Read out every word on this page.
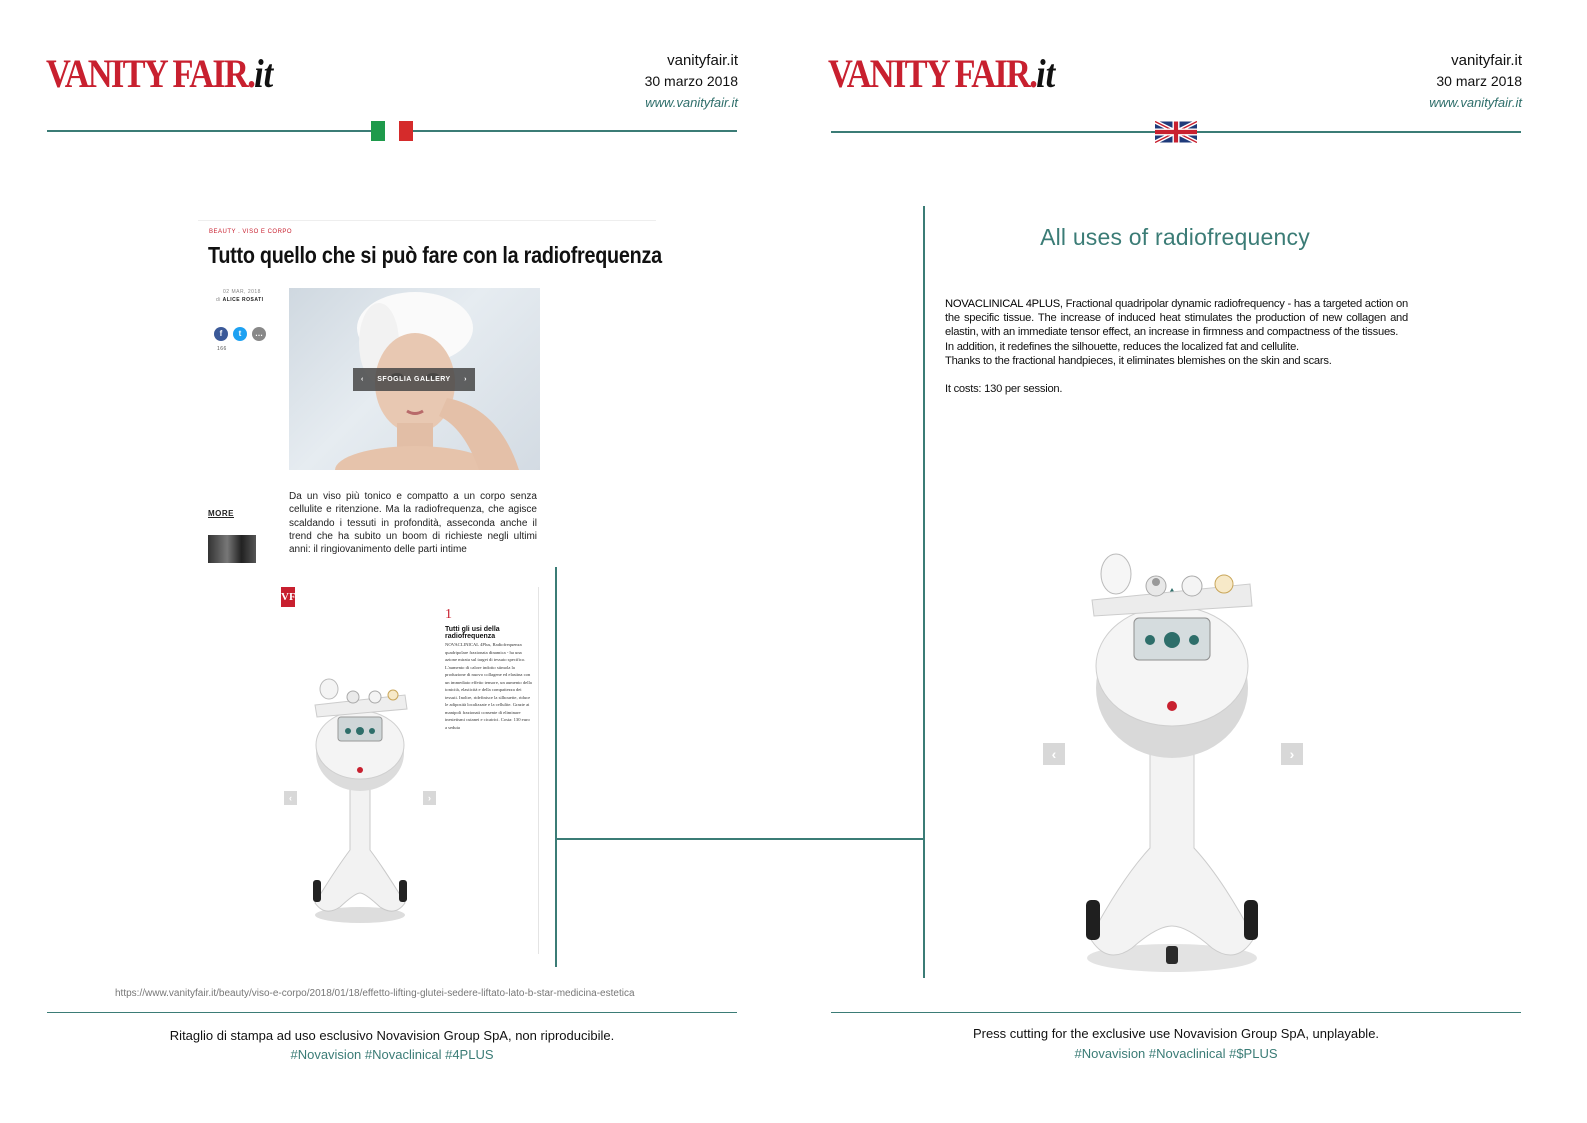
VANITY FAIR.it	vanityfair.it
30 marzo 2018
www.vanityfair.it
VANITY FAIR.it	vanityfair.it
30 marz 2018
www.vanityfair.it
BEAUTY . VISO E CORPO
Tutto quello che si può fare con la radiofrequenza
02 MAR, 2018
di ALICE ROSATI
f	t	…
166
‹ SFOGLIA GALLERY ›
Da un viso più tonico e compatto a un corpo senza cellulite e ritenzione. Ma la radiofrequenza, che agisce scaldando i tessuti in profondità, asseconda anche il trend che ha subito un boom di richieste negli ultimi anni: il ringiovanimento delle parti intime
MORE
VF
1
Tutti gli usi della radiofrequenza
NOVACLINICAL 4Plus, Radiofrequenza quadripolare frazionata dinamica - ha una azione mirata sul target di tessuto specifico. L'aumento di calore indotto stimola la produzione di nuovo collagene ed elastina con un immediato effetto tensore, un aumento della tonicità, elasticità e della compattezza dei tessuti. Inoltre, ridefinisce la silhouette, riduce le adiposità localizzate e la cellulite. Grazie ai manipoli frazionati consente di eliminare inestetismi cutanei e cicatrici. Costa: 130 euro a seduta
‹	›
https://www.vanityfair.it/beauty/viso-e-corpo/2018/01/18/effetto-lifting-glutei-sedere-liftato-lato-b-star-medicina-estetica
All uses of radiofrequency

NOVACLINICAL 4PLUS, Fractional quadripolar dynamic radiofrequency - has a targeted action on the specific tissue. The increase of induced heat stimulates the production of new collagen and elastin, with an immediate tensor effect, an increase in firmness and compactness of the tissues.

In addition, it redefines the silhouette, reduces the localized fat and cellulite.

Thanks to the fractional handpieces, it eliminates blemishes on the skin and scars.

It costs: 130 per session.

‹	›
Ritaglio di stampa ad uso esclusivo Novavision Group SpA, non riproducibile.
#Novavision #Novaclinical #4PLUS
Press cutting for the exclusive use Novavision Group SpA, unplayable.
#Novavision #Novaclinical #$PLUS
